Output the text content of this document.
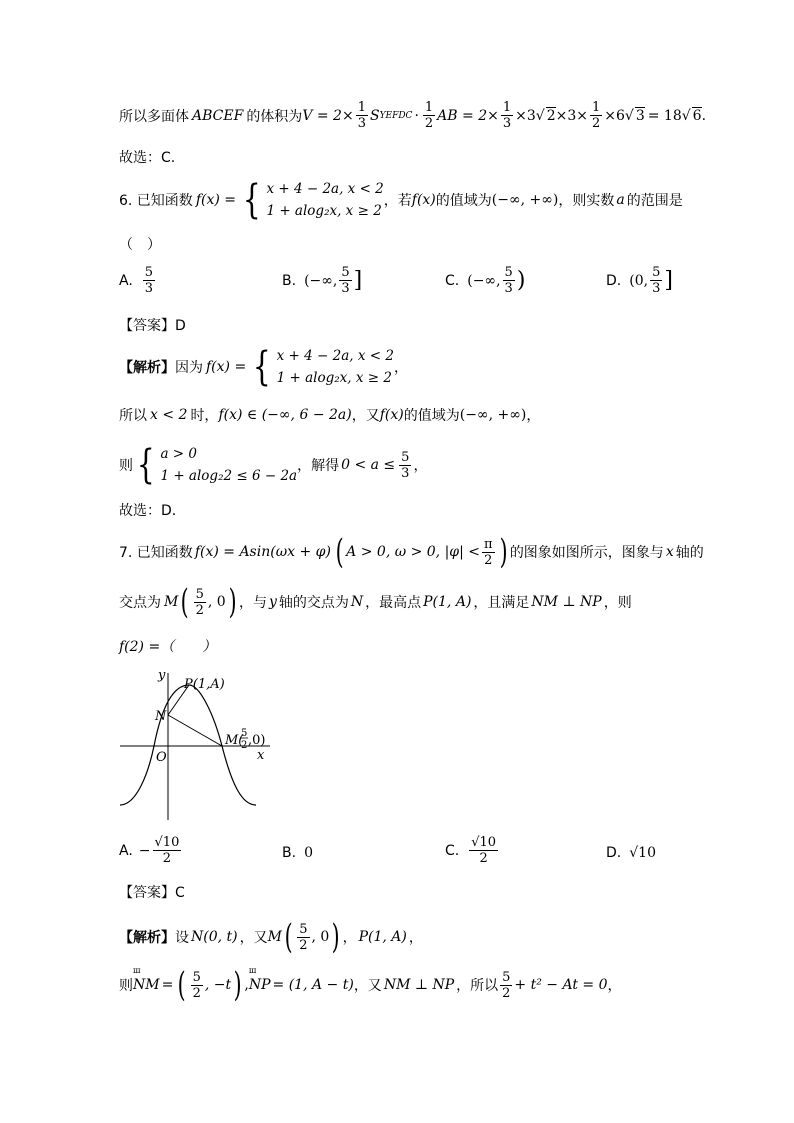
所以多面体 ABCEF 的体积为 $V = 2\times \frac{1}{3}$ S YEFDC · $\frac{1}{2}$ AB = $2\times \frac{1}{3} \times 3$ √ $2 \times 3\times \frac{1}{2} \times 6$ √ 3 = 18 √ 6 .
故选：C.
6. 已知函数 f(x) = { x + 4 − 2a, x < 2
1 + alog₂x, x ≥ 2
，若 f(x) 的值域为 (−∞, +∞) ，则实数 a 的范围是
（　）
A. $\frac{5}{3}$	B. (−∞, $\frac{5}{3}$ ]	C. (−∞, $\frac{5}{3}$ )	D. (0, $\frac{5}{3}$ ]
【答案】D
【解析】 因为 f(x) = { x + 4 − 2a, x < 2
1 + alog₂x, x ≥ 2
，
所以 x < 2 时， f(x) ∈ (−∞, 6 − 2a) ，又 f(x) 的值域为 (−∞, +∞) ，
则 { a > 0
1 + alog₂2 ≤ 6 − 2a
，解得 $0 < a \le \frac{5}{3}$ ，
故选：D.
7. 已知函数 f(x) = Asin(ωx + φ) ( A > 0, ω > 0, $|\varphi| < \frac{\pi}{2}$ ) 的图象如图所示，图象与 x 轴的
交点为 M ( $\frac{5}{2}$ , 0 ) ，与 y 轴的交点为 N ，最高点 P(1, A) ，且满足 NM ⊥ NP ，则
f(2) =（　　）
y
x
O
P(1,A)
N
M(
5
2 ,0)
A. − $\frac{√10}{2}$	B. 0	C. $\frac{√10}{2}$	D. √10
【答案】C
【解析】 设 N(0, t) ，又 M ( $\frac{5}{2}$ , 0 ) ， P(1, A) ，
则
ш
NM = ( $\frac{5}{2}$ , −t ) ,
ш
NP = (1, A − t) ，又 NM ⊥ NP ，所以 $\frac{5}{2} + t^2 - At = 0$ ，
